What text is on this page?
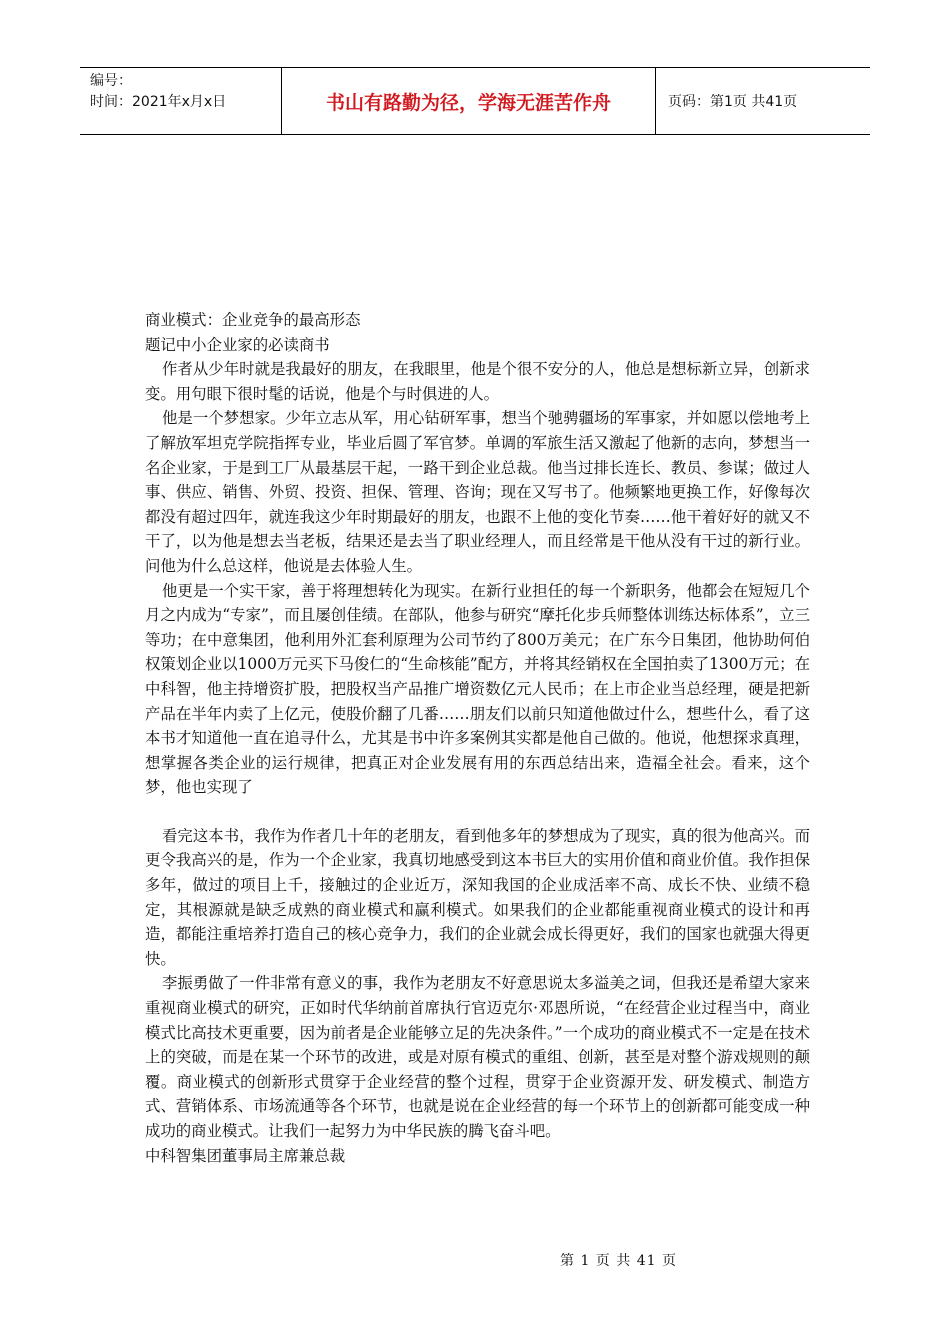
编号：
时间：2021年x月x日	书山有路勤为径，学海无涯苦作舟	页码：第1页 共41页

商业模式：企业竞争的最高形态

题记中小企业家的必读商书

作者从少年时就是我最好的朋友，在我眼里，他是个很不安分的人，他总是想标新立异，创新求变。用句眼下很时髦的话说，他是个与时俱进的人。

他是一个梦想家。少年立志从军，用心钻研军事，想当个驰骋疆场的军事家，并如愿以偿地考上了解放军坦克学院指挥专业，毕业后圆了军官梦。单调的军旅生活又激起了他新的志向，梦想当一名企业家，于是到工厂从最基层干起，一路干到企业总裁。他当过排长连长、教员、参谋；做过人事、供应、销售、外贸、投资、担保、管理、咨询；现在又写书了。他频繁地更换工作，好像每次都没有超过四年，就连我这少年时期最好的朋友，也跟不上他的变化节奏……他干着好好的就又不干了，以为他是想去当老板，结果还是去当了职业经理人，而且经常是干他从没有干过的新行业。问他为什么总这样，他说是去体验人生。

他更是一个实干家，善于将理想转化为现实。在新行业担任的每一个新职务，他都会在短短几个月之内成为“专家”，而且屡创佳绩。在部队，他参与研究“摩托化步兵师整体训练达标体系”，立三等功；在中意集团，他利用外汇套利原理为公司节约了800万美元；在广东今日集团，他协助何伯权策划企业以1000万元买下马俊仁的“生命核能”配方，并将其经销权在全国拍卖了1300万元；在中科智，他主持增资扩股，把股权当产品推广增资数亿元人民币；在上市企业当总经理，硬是把新产品在半年内卖了上亿元，使股价翻了几番……朋友们以前只知道他做过什么，想些什么，看了这本书才知道他一直在追寻什么，尤其是书中许多案例其实都是他自己做的。他说，他想探求真理，想掌握各类企业的运行规律，把真正对企业发展有用的东西总结出来，造福全社会。看来，这个梦，他也实现了

看完这本书，我作为作者几十年的老朋友，看到他多年的梦想成为了现实，真的很为他高兴。而更令我高兴的是，作为一个企业家，我真切地感受到这本书巨大的实用价值和商业价值。我作担保多年，做过的项目上千，接触过的企业近万，深知我国的企业成活率不高、成长不快、业绩不稳定，其根源就是缺乏成熟的商业模式和赢利模式。如果我们的企业都能重视商业模式的设计和再造，都能注重培养打造自己的核心竞争力，我们的企业就会成长得更好，我们的国家也就强大得更快。

李振勇做了一件非常有意义的事，我作为老朋友不好意思说太多溢美之词，但我还是希望大家来重视商业模式的研究，正如时代华纳前首席执行官迈克尔·邓恩所说，“在经营企业过程当中，商业模式比高技术更重要，因为前者是企业能够立足的先决条件。”一个成功的商业模式不一定是在技术上的突破，而是在某一个环节的改进，或是对原有模式的重组、创新，甚至是对整个游戏规则的颠覆。商业模式的创新形式贯穿于企业经营的整个过程，贯穿于企业资源开发、研发模式、制造方式、营销体系、市场流通等各个环节，也就是说在企业经营的每一个环节上的创新都可能变成一种成功的商业模式。让我们一起努力为中华民族的腾飞奋斗吧。

中科智集团董事局主席兼总裁

第 1 页 共 41 页
